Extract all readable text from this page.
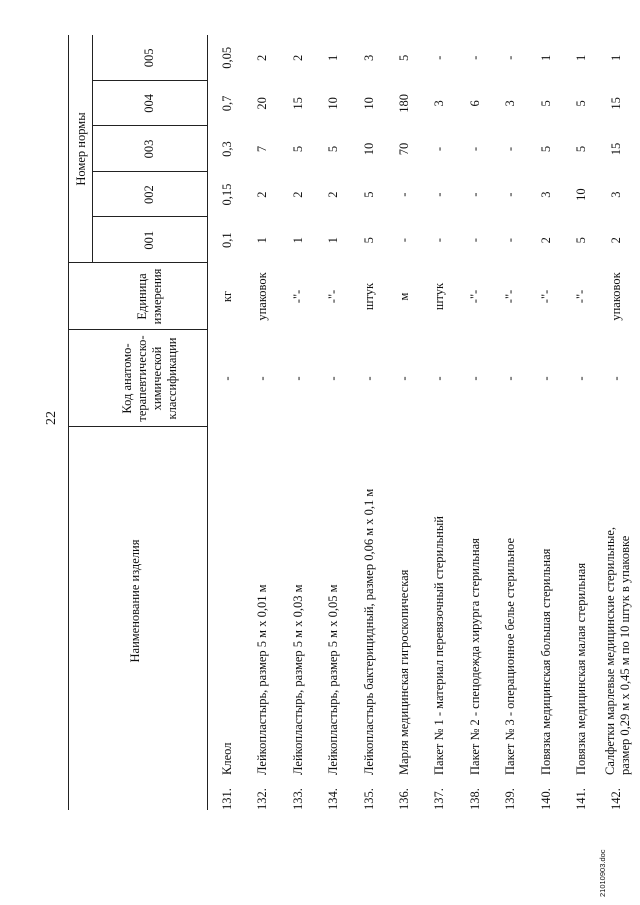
22
Наименование изделия
Код анатомо- терапевтическо- химической классификации
Единица измерения
Номер нормы
001
002
003
004
005
131.
Клеол
-
кг
0,1
0,15
0,3
0,7
0,05
132.
Лейкопластырь, размер 5 м x 0,01 м
-
упаковок
1
2
7
20
2
133.
Лейкопластырь, размер 5 м x 0,03 м
-
-"-
1
2
5
15
2
134.
Лейкопластырь, размер 5 м x 0,05 м
-
-"-
1
2
5
10
1
135.
Лейкопластырь бактерицидный, размер 0,06 м x 0,1 м
-
штук
5
5
10
10
3
136.
Марля медицинская гигроскопическая
-
м
-
-
70
180
5
137.
Пакет № 1 - материал перевязочный стерильный
-
штук
-
-
-
3
-
138.
Пакет № 2 - спецодежда хирурга стерильная
-
-"-
-
-
-
6
-
139.
Пакет № 3 - операционное белье стерильное
-
-"-
-
-
-
3
-
140.
Повязка медицинская большая стерильная
-
-"-
2
3
5
5
1
141.
Повязка медицинская малая стерильная
-
-"-
5
10
5
5
1
142.
Салфетки марлевые медицинские стерильные, размер 0,29 м x 0,45 м по 10 штук в упаковке
-
упаковок
2
3
15
15
1
21010903.doc
